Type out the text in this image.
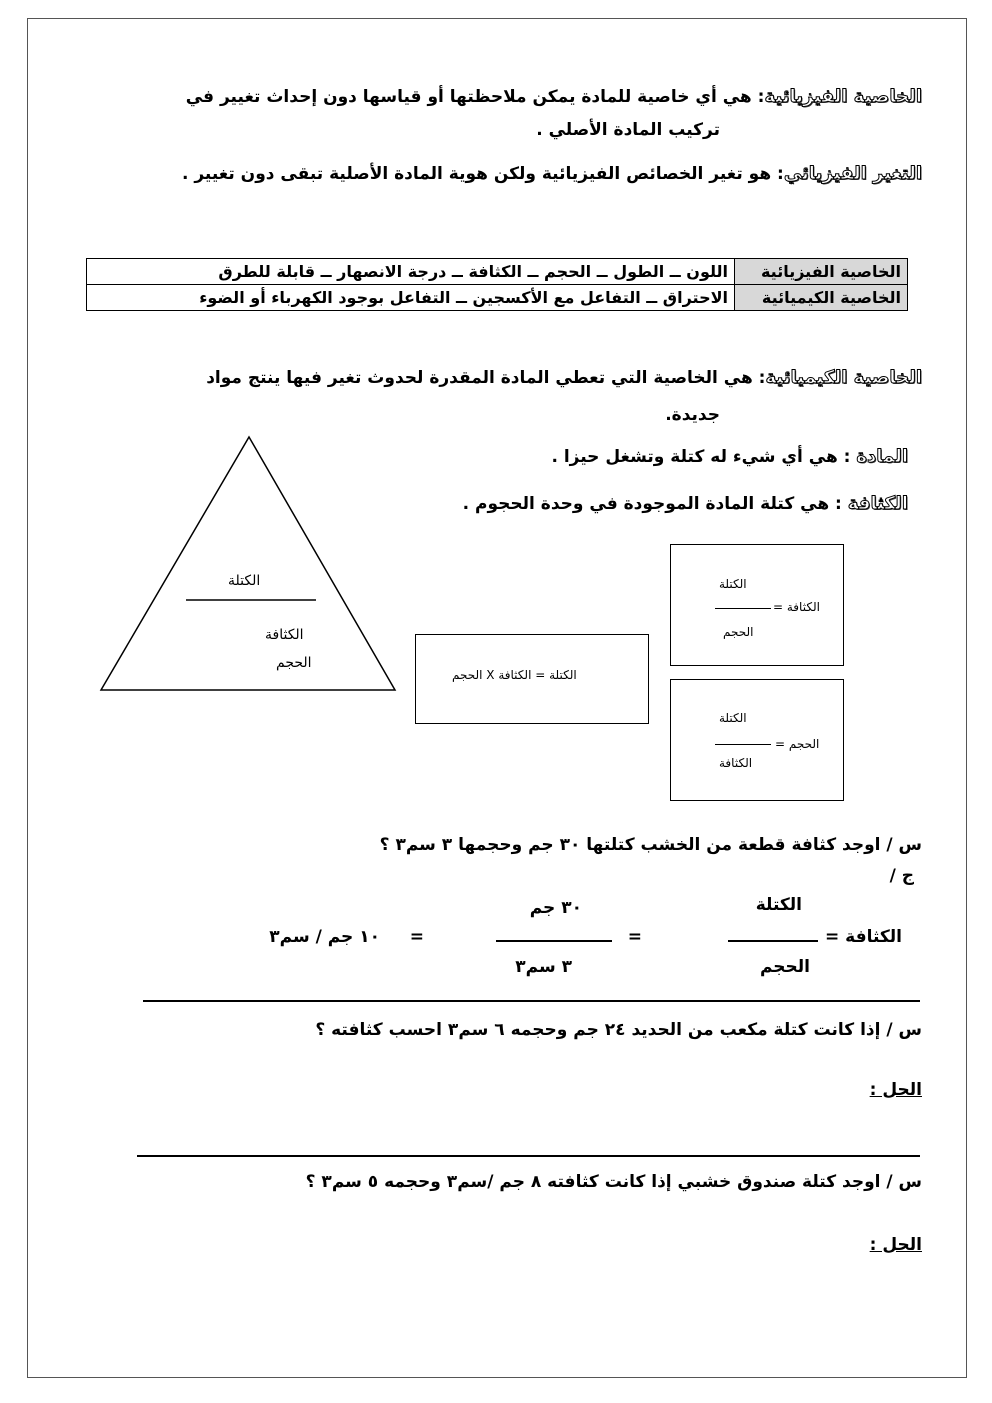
الخاصية الفيزيائية: هي أي خاصية للمادة يمكن ملاحظتها أو قياسها دون إحداث تغيير في
تركيب المادة الأصلي .
التغير الفيزيائي: هو تغير الخصائص الفيزيائية ولكن هوية المادة الأصلية تبقى دون تغيير .
الخاصية الفيزيائية	اللون ــ الطول ــ الحجم ــ الكثافة ــ درجة الانصهار ــ قابلة للطرق
الخاصية الكيميائية	الاحتراق ــ التفاعل مع الأكسجين ــ التفاعل بوجود الكهرباء أو الضوء
الخاصية الكيميائية: هي الخاصية التي تعطي المادة المقدرة لحدوث تغير فيها ينتج مواد
جديدة.
المادة : هي أي شيء له كتلة وتشغل حيزا .
الكثافة : هي كتلة المادة الموجودة في وحدة الحجوم .
الكتلة
الكثافة
الحجم
الكتلة = الكثافة X الحجم
الكتلة
الكثافة =
الحجم
الكتلة
الحجم =
الكثافة
س / اوجد كثافة قطعة من الخشب كتلتها ٣٠ جم وحجمها ٣ سم٣ ؟
ج /
الكثافة =
الكتلة
الحجم
=
٣٠ جم
٣ سم٣
=
١٠ جم / سم٣
س / إذا كانت كتلة مكعب من الحديد ٢٤ جم وحجمه ٦ سم٣ احسب كثافته ؟
الحل :
س / اوجد كتلة صندوق خشبي إذا كانت كثافته ٨ جم /سم٣ وحجمه ٥ سم٣ ؟
الحل :
